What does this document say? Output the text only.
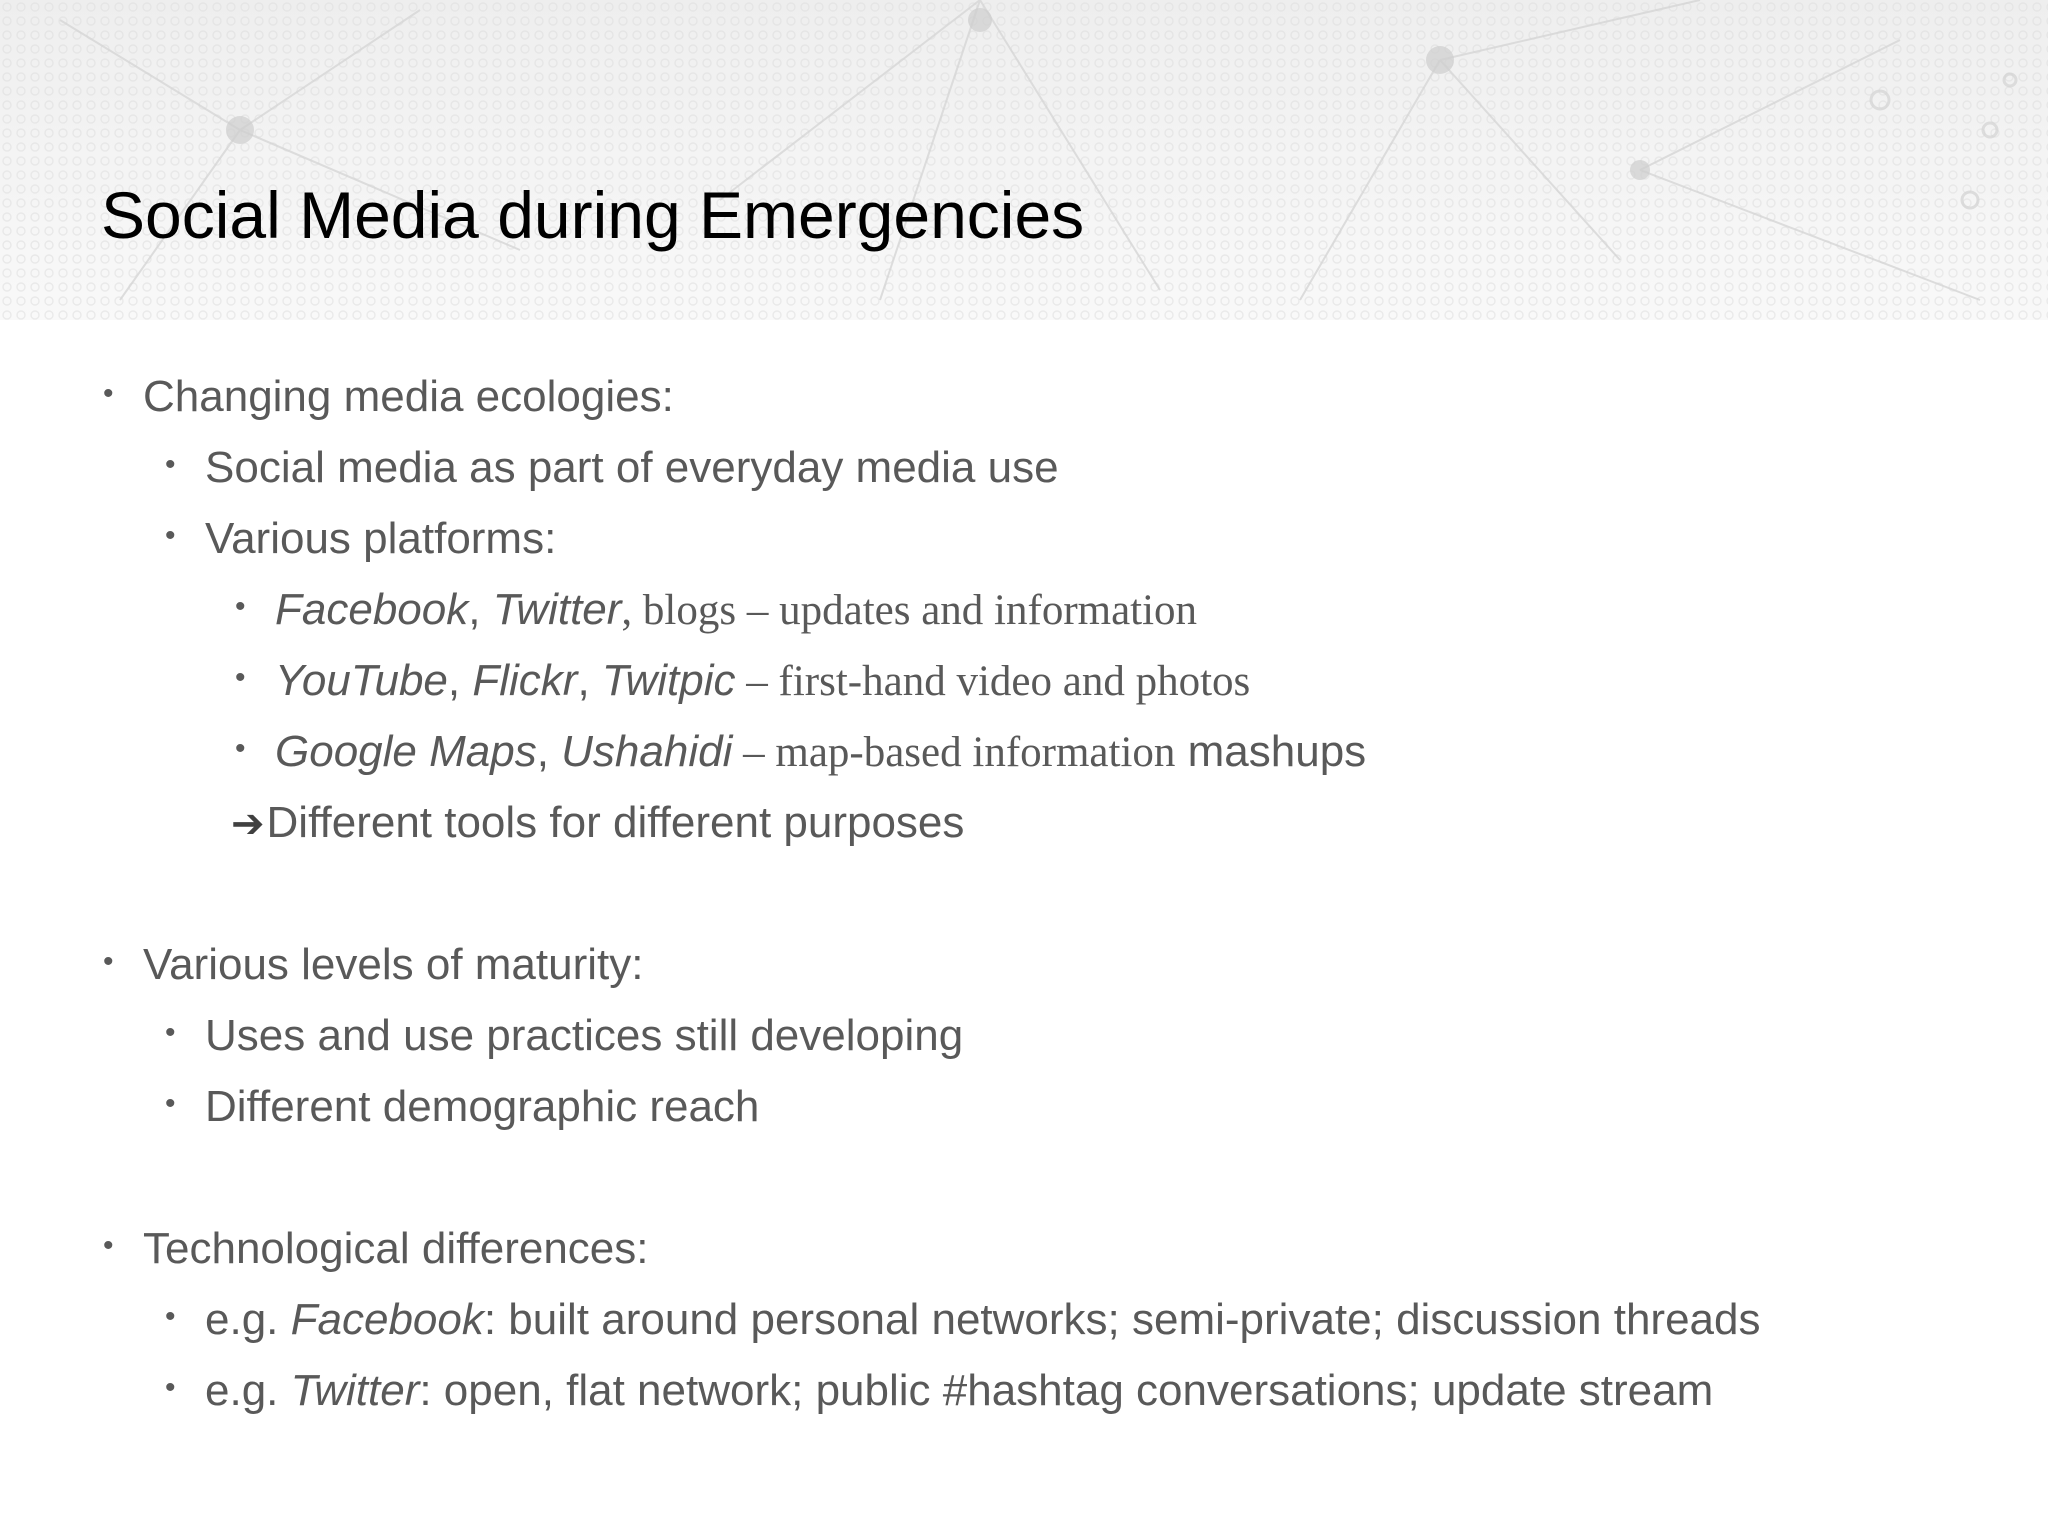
Social Media during Emergencies
• Changing media ecologies:
• Social media as part of everyday media use
• Various platforms:
• Facebook, Twitter, blogs – updates and information
• YouTube, Flickr, Twitpic – first-hand video and photos
• Google Maps, Ushahidi – map-based information mashups
➔Different tools for different purposes
• Various levels of maturity:
• Uses and use practices still developing
• Different demographic reach
• Technological differences:
• e.g. Facebook: built around personal networks; semi-private; discussion threads
• e.g. Twitter: open, flat network; public #hashtag conversations; update stream
